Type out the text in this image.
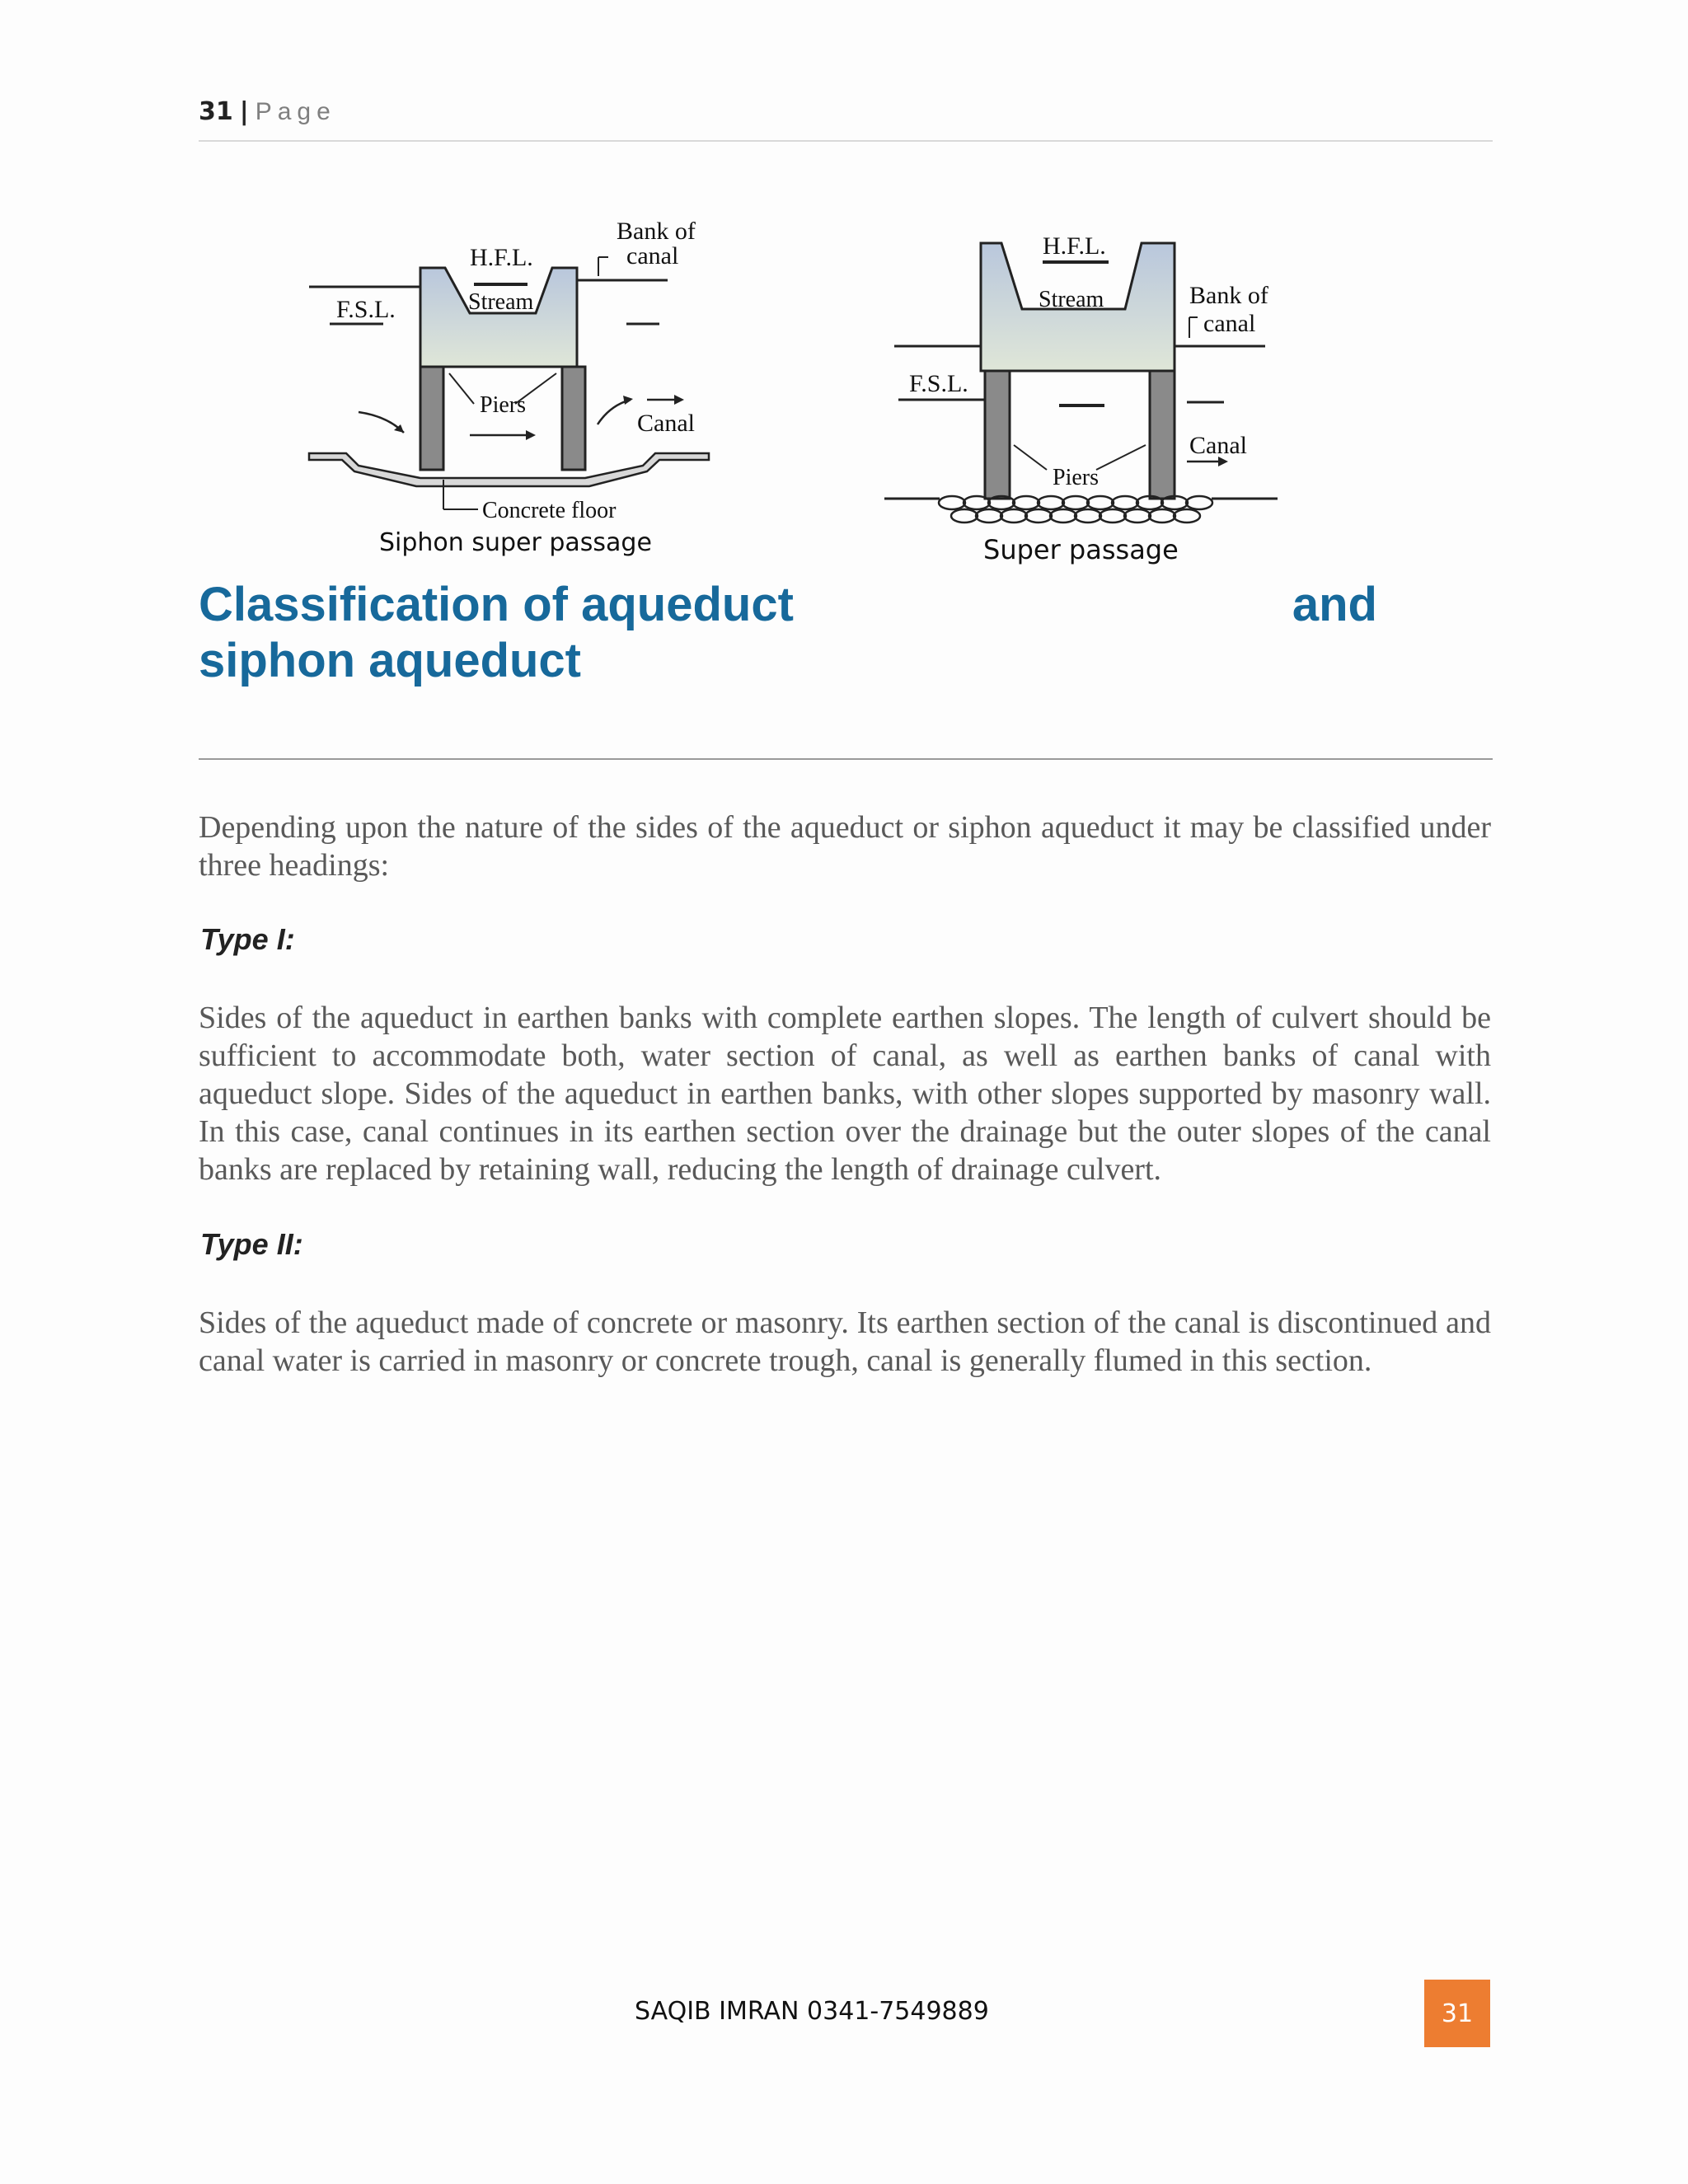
31 | Page
Bank of
canal
H.F.L.
F.S.L.	Stream
Piers
Canal
Concrete floor
Siphon super passage
H.F.L.
Stream	Bank of
canal
F.S.L.
Canal
Piers
Super passage
Classification of aqueduct	and
siphon aqueduct

Depending upon the nature of the sides of the aqueduct or siphon aqueduct it may be classified under three headings:

Type I:

Sides of the aqueduct in earthen banks with complete earthen slopes. The length of culvert should be sufficient to accommodate both, water section of canal, as well as earthen banks of canal with aqueduct slope. Sides of the aqueduct in earthen banks, with other slopes supported by masonry wall. In this case, canal continues in its earthen section over the drainage but the outer slopes of the canal banks are replaced by retaining wall, reducing the length of drainage culvert.

Type II:

Sides of the aqueduct made of concrete or masonry. Its earthen section of the canal is discontinued and canal water is carried in masonry or concrete trough, canal is generally flumed in this section.

SAQIB IMRAN 0341-7549889	31
